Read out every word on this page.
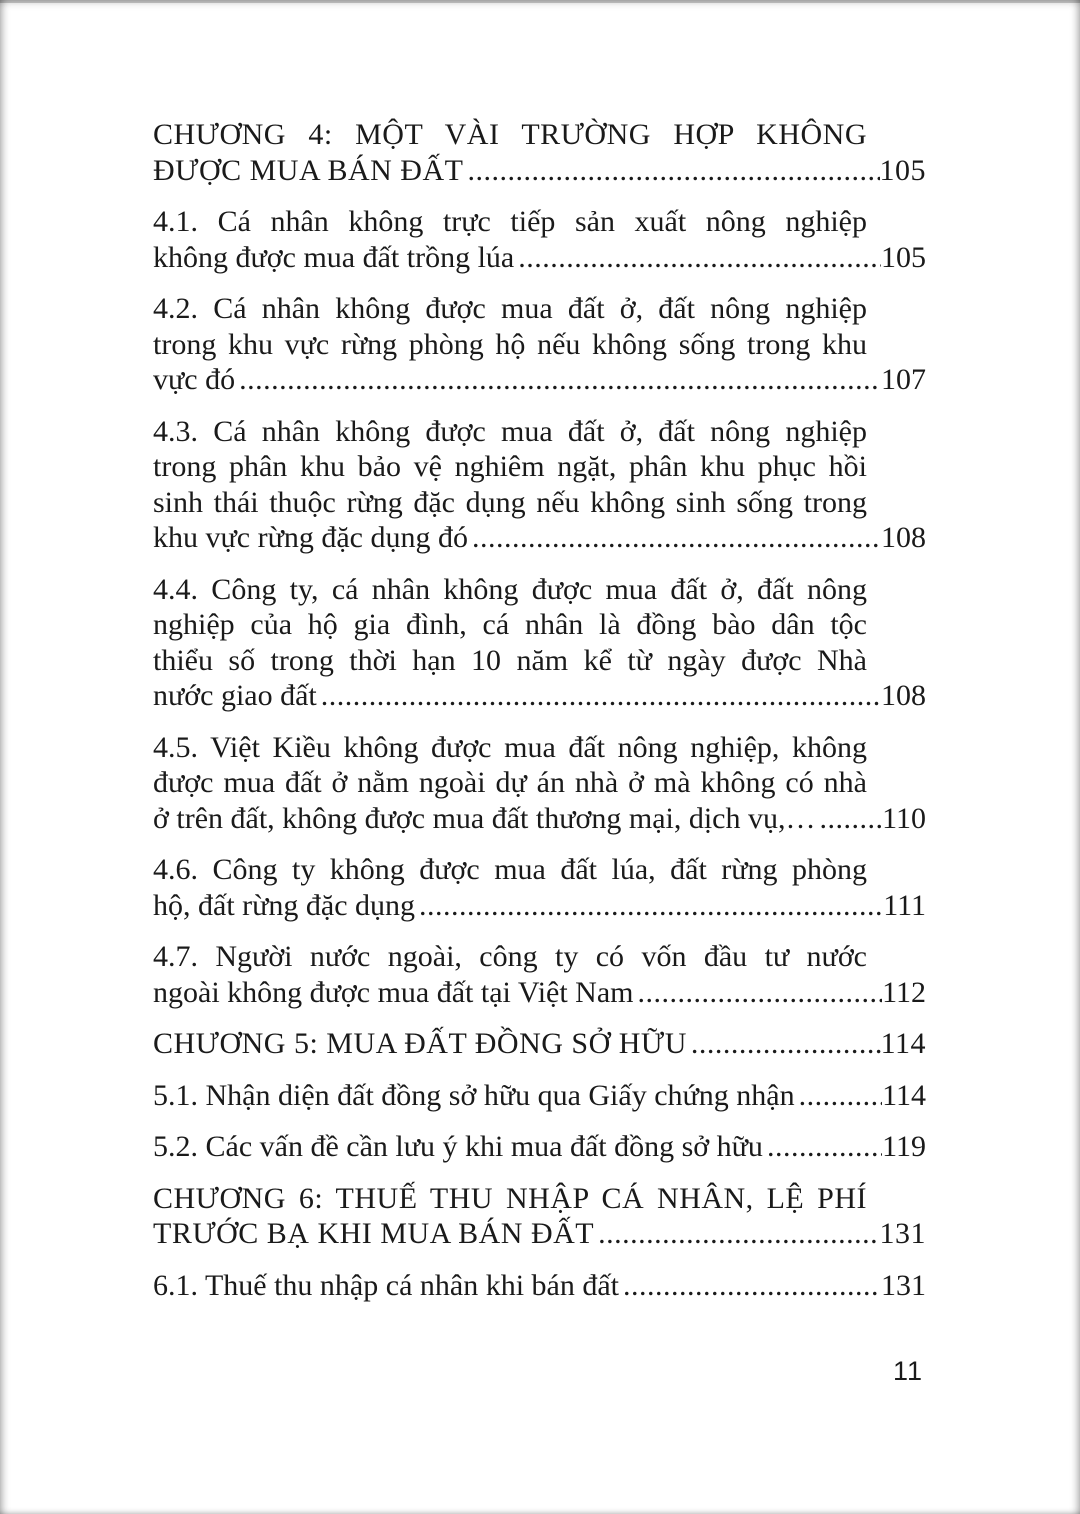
CHƯƠNG 4: MỘT VÀI TRƯỜNG HỢP KHÔNG
ĐƯỢC MUA BÁN ĐẤT .....	105
4.1. Cá nhân không trực tiếp sản xuất nông nghiệp
không được mua đất trồng lúa .....	105
4.2. Cá nhân không được mua đất ở, đất nông nghiệp
trong khu vực rừng phòng hộ nếu không sống trong khu
vực đó .....	107
4.3. Cá nhân không được mua đất ở, đất nông nghiệp
trong phân khu bảo vệ nghiêm ngặt, phân khu phục hồi
sinh thái thuộc rừng đặc dụng nếu không sinh sống trong
khu vực rừng đặc dụng đó .....	108
4.4. Công ty, cá nhân không được mua đất ở, đất nông
nghiệp của hộ gia đình, cá nhân là đồng bào dân tộc
thiểu số trong thời hạn 10 năm kể từ ngày được Nhà
nước giao đất .....	108
4.5. Việt Kiều không được mua đất nông nghiệp, không
được mua đất ở nằm ngoài dự án nhà ở mà không có nhà
ở trên đất, không được mua đất thương mại, dịch vụ,… ..... 110
4.6. Công ty không được mua đất lúa, đất rừng phòng
hộ, đất rừng đặc dụng .....	111
4.7. Người nước ngoài, công ty có vốn đầu tư nước
ngoài không được mua đất tại Việt Nam .....	112
CHƯƠNG 5: MUA ĐẤT ĐỒNG SỞ HỮU .....	114
5.1. Nhận diện đất đồng sở hữu qua Giấy chứng nhận .....	114
5.2. Các vấn đề cần lưu ý khi mua đất đồng sở hữu .....	119
CHƯƠNG 6: THUẾ THU NHẬP CÁ NHÂN, LỆ PHÍ
TRƯỚC BẠ KHI MUA BÁN ĐẤT .....	131
6.1. Thuế thu nhập cá nhân khi bán đất .....	131
11
